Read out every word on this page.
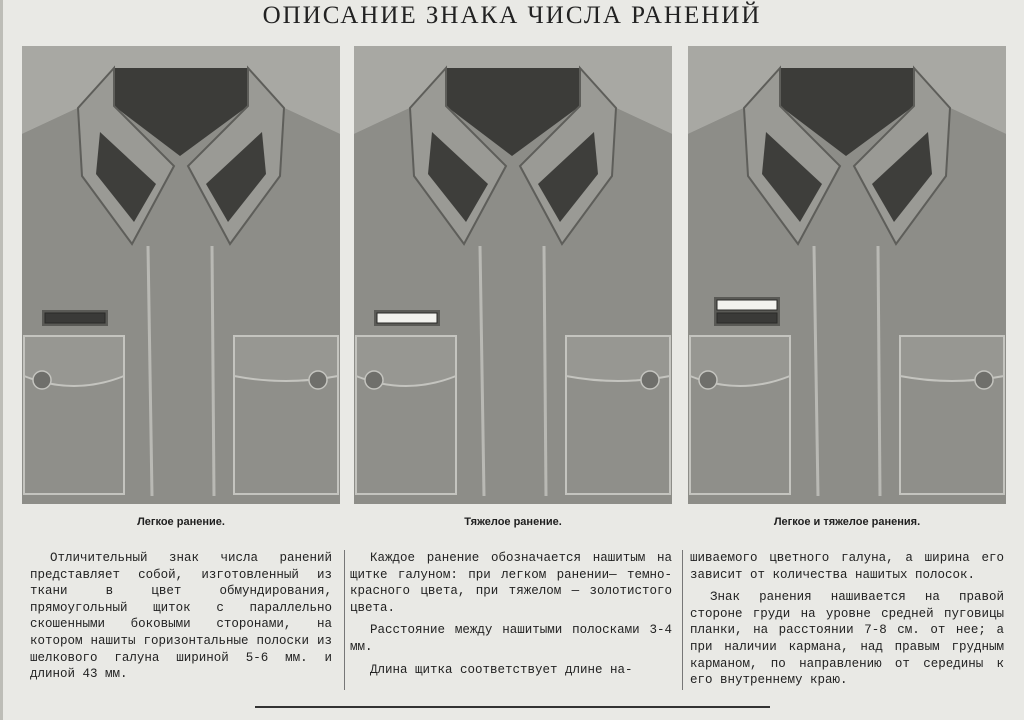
ОПИСАНИЕ ЗНАКА ЧИСЛА РАНЕНИЙ
Легкое ранение.	Тяжелое ранение.	Легкое и тяжелое ранения.

Отличительный знак числа ранений представляет собой, изготовленный из ткани в цвет обмундирования, прямоугольный щиток с параллельно скошенными боковыми сторонами, на котором нашиты горизонтальные полоски из шелкового галуна шириной 5-6 мм. и длиной 43 мм.

Каждое ранение обозначается нашитым на щитке галуном: при легком ранении— темно-красного цвета, при тяжелом — золотистого цвета.

Расстояние между нашитыми полосками 3-4 мм.

Длина щитка соответствует длине на-

шиваемого цветного галуна, а ширина его зависит от количества нашитых полосок.

Знак ранения нашивается на правой стороне груди на уровне средней пуговицы планки, на расстоянии 7-8 см. от нее; а при наличии кармана, над правым грудным карманом, по направлению от середины к его внутреннему краю.
